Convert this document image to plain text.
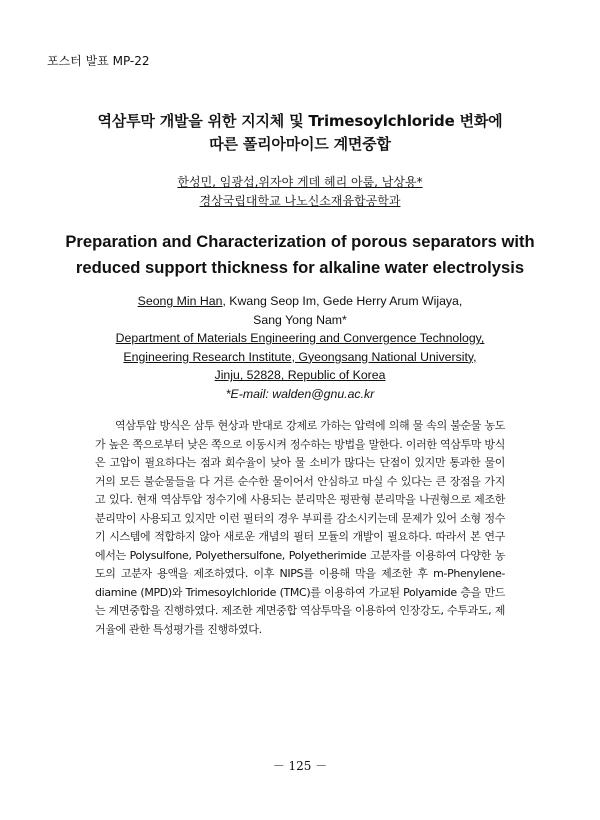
포스터 발표 MP-22
역삼투막 개발을 위한 지지체 및 Trimesoylchloride 변화에
따른 폴리아마이드 계면중합
한성민, 임광섭,위자야 게데 헤리 아룸, 남상용*
경상국립대학교 나노신소재융합공학과
Preparation and Characterization of porous separators with
reduced support thickness for alkaline water electrolysis
Seong Min Han, Kwang Seop Im, Gede Herry Arum Wijaya,
Sang Yong Nam*
Department of Materials Engineering and Convergence Technology,
Engineering Research Institute, Gyeongsang National University,
Jinju, 52828, Republic of Korea
*E-mail: walden@gnu.ac.kr
역삼투압 방식은 삼투 현상과 반대로 강제로 가하는 압력에 의해 물 속의 불순물 농도가 높은 쪽으로부터 낮은 쪽으로 이동시켜 정수하는 방법을 말한다. 이러한 역삼투막 방식은 고압이 필요하다는 점과 회수율이 낮아 물 소비가 많다는 단점이 있지만 통과한 물이 거의 모든 불순물들을 다 거른 순수한 물이어서 안심하고 마실 수 있다는 큰 장점을 가지고 있다. 현재 역삼투압 정수기에 사용되는 분리막은 평판형 분리막을 나권형으로 제조한 분리막이 사용되고 있지만 이런 필터의 경우 부피를 감소시키는데 문제가 있어 소형 정수기 시스템에 적합하지 않아 새로운 개념의 필터 모듈의 개발이 필요하다. 따라서 본 연구에서는 Polysulfone, Polyethersulfone, Polyetherimide 고분자를 이용하여 다양한 농도의 고분자 용액을 제조하였다. 이후 NIPS를 이용해 막을 제조한 후 m-Phenylene-diamine (MPD)와 Trimesoylchloride (TMC)를 이용하여 가교된 Polyamide 층을 만드는 계면중합을 진행하였다. 제조한 계면중합 역삼투막을 이용하여 인장강도, 수투과도, 제거율에 관한 특성평가를 진행하였다.
－ 125 －
